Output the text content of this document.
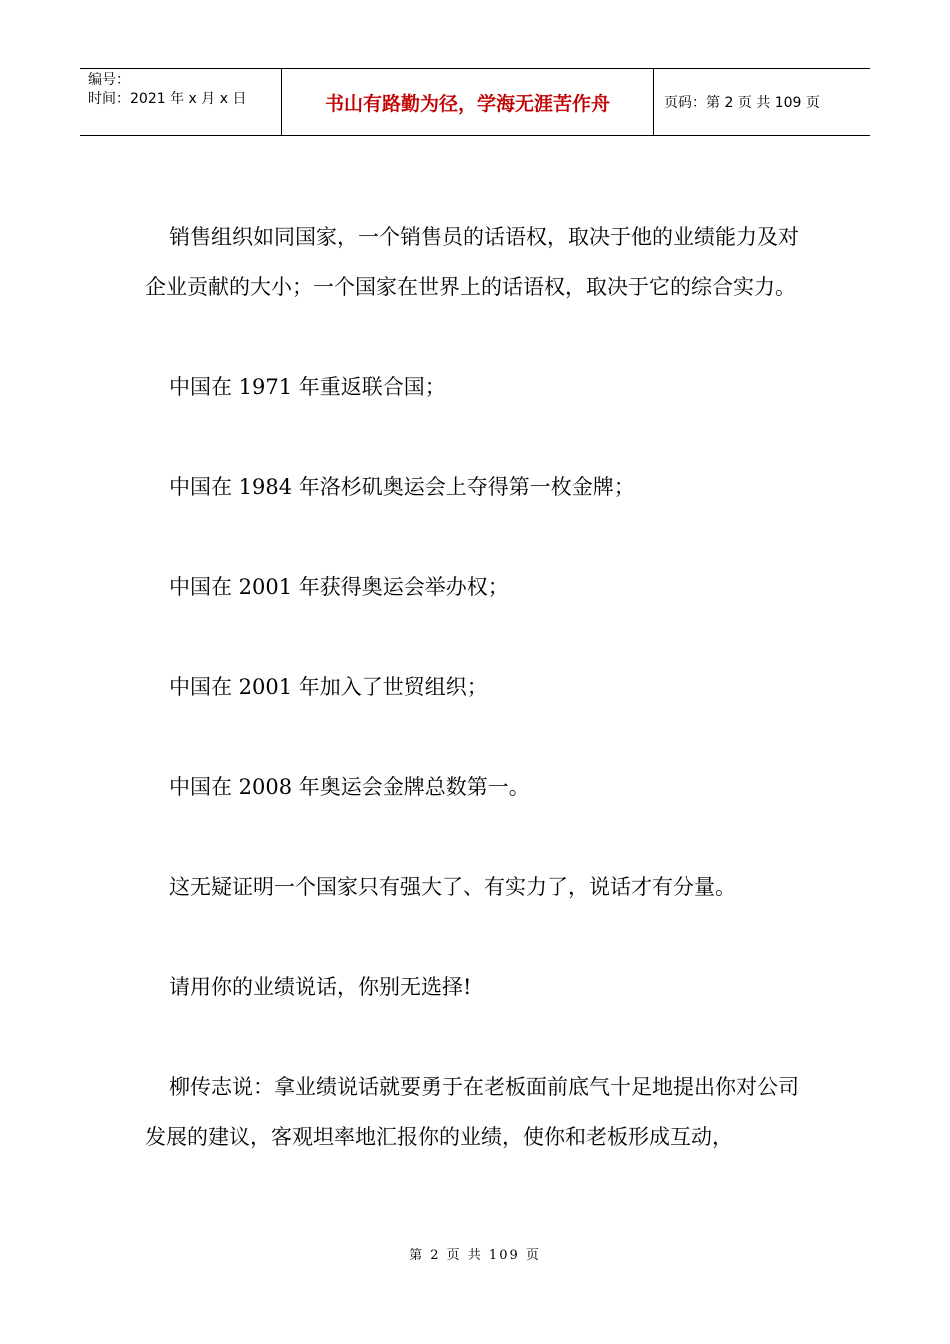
编号：
时间：2021 年 x 月 x 日	书山有路勤为径，学海无涯苦作舟	页码：第 2 页 共 109 页

销售组织如同国家，一个销售员的话语权，取决于他的业绩能力及对企业贡献的大小；一个国家在世界上的话语权，取决于它的综合实力。

中国在 1971 年重返联合国；

中国在 1984 年洛杉矶奥运会上夺得第一枚金牌；

中国在 2001 年获得奥运会举办权；

中国在 2001 年加入了世贸组织；

中国在 2008 年奥运会金牌总数第一。

这无疑证明一个国家只有强大了、有实力了，说话才有分量。

请用你的业绩说话，你别无选择!

柳传志说：拿业绩说话就要勇于在老板面前底气十足地提出你对公司发展的建议，客观坦率地汇报你的业绩，使你和老板形成互动，

第 2 页 共 109 页
